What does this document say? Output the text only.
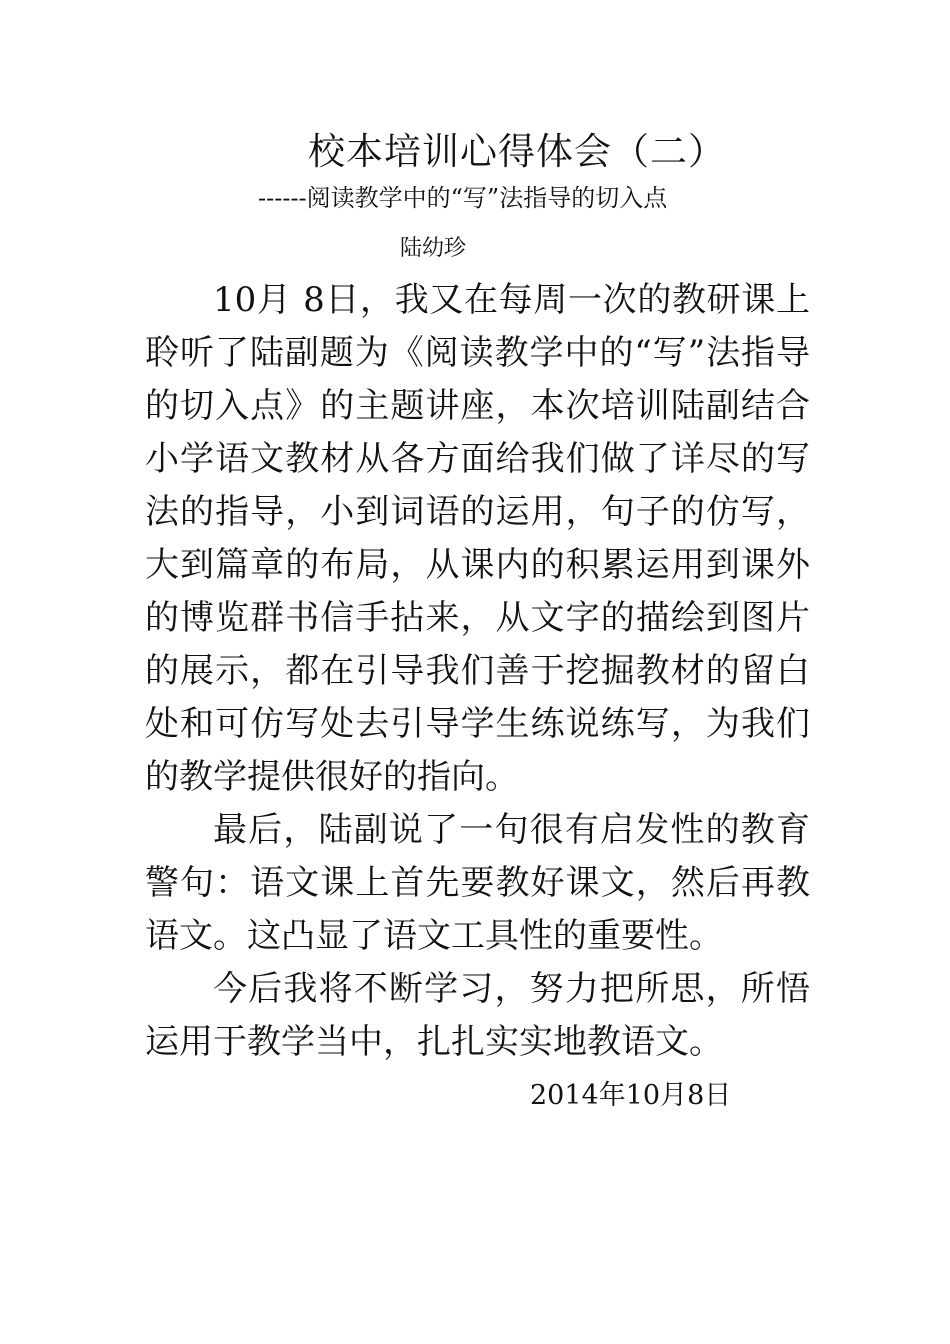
校本培训心得体会（二）
------阅读教学中的“写”法指导的切入点
陆幼珍

10月 8日，我又在每周一次的教研课上聆听了陆副题为《阅读教学中的“写”法指导的切入点》的主题讲座，本次培训陆副结合小学语文教材从各方面给我们做了详尽的写法的指导，小到词语的运用，句子的仿写，大到篇章的布局，从课内的积累运用到课外的博览群书信手拈来，从文字的描绘到图片的展示，都在引导我们善于挖掘教材的留白处和可仿写处去引导学生练说练写，为我们的教学提供很好的指向。

最后，陆副说了一句很有启发性的教育警句：语文课上首先要教好课文，然后再教语文。这凸显了语文工具性的重要性。

今后我将不断学习，努力把所思，所悟运用于教学当中，扎扎实实地教语文。

2014年10月8日
